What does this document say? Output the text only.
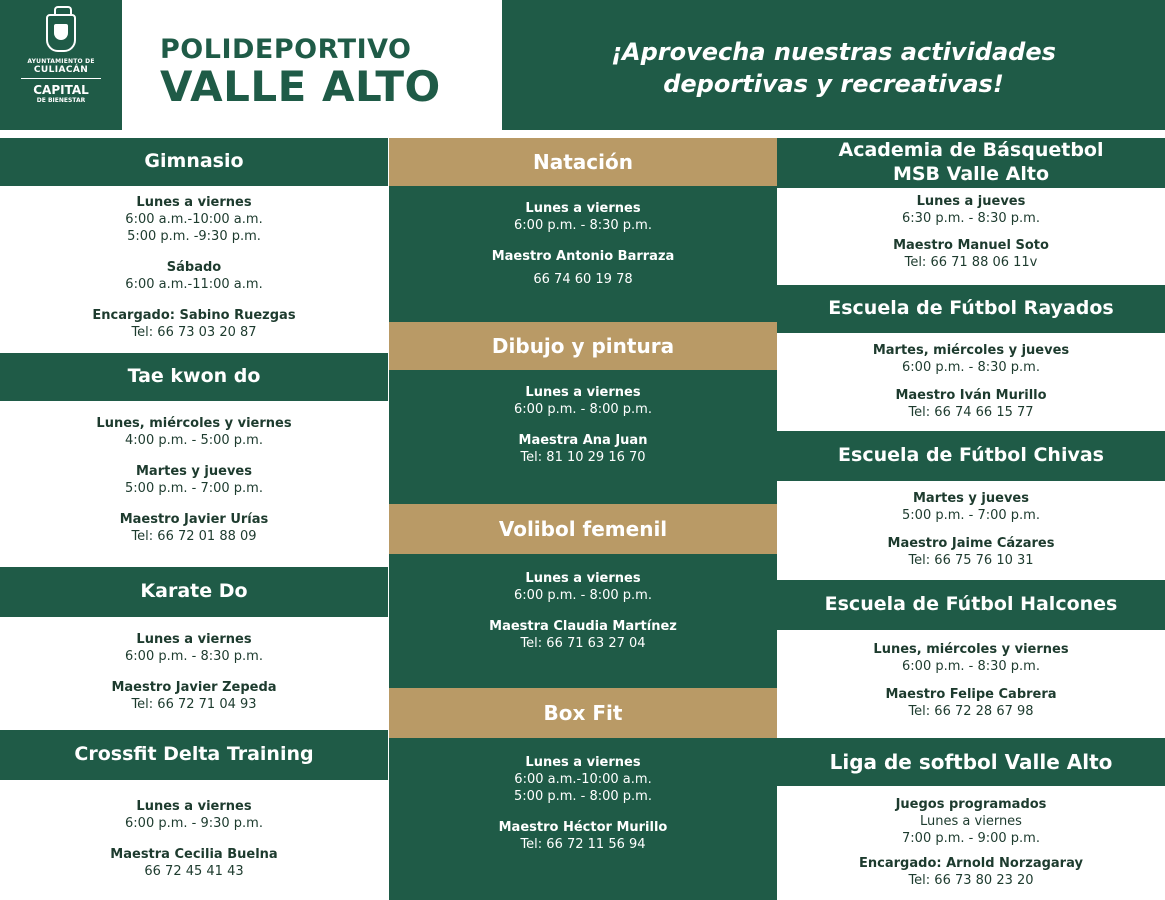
AYUNTAMIENTO DE
CULIACÁN
CAPITAL
DE BIENESTAR
POLIDEPORTIVO
VALLE ALTO
¡Aprovecha nuestras actividades
deportivas y recreativas!
Gimnasio
Lunes a viernes
6:00 a.m.-10:00 a.m.
5:00 p.m. -9:30 p.m.
Sábado
6:00 a.m.-11:00 a.m.
Encargado: Sabino Ruezgas
Tel: 66 73 03 20 87
Tae kwon do
Lunes, miércoles y viernes
4:00 p.m. - 5:00 p.m.
Martes y jueves
5:00 p.m. - 7:00 p.m.
Maestro Javier Urías
Tel: 66 72 01 88 09
Karate Do
Lunes a viernes
6:00 p.m. - 8:30 p.m.
Maestro Javier Zepeda
Tel: 66 72 71 04 93
Crossfit Delta Training
Lunes a viernes
6:00 p.m. - 9:30 p.m.
Maestra Cecilia Buelna
66 72 45 41 43
Natación
Lunes a viernes
6:00 p.m. - 8:30 p.m.
Maestro Antonio Barraza
66 74 60 19 78
Dibujo y pintura
Lunes a viernes
6:00 p.m. - 8:00 p.m.
Maestra Ana Juan
Tel: 81 10 29 16 70
Volibol femenil
Lunes a viernes
6:00 p.m. - 8:00 p.m.
Maestra Claudia Martínez
Tel: 66 71 63 27 04
Box Fit
Lunes a viernes
6:00 a.m.-10:00 a.m.
5:00 p.m. - 8:00 p.m.
Maestro Héctor Murillo
Tel: 66 72 11 56 94
Academia de Básquetbol
MSB Valle Alto
Lunes a jueves
6:30 p.m. - 8:30 p.m.
Maestro Manuel Soto
Tel: 66 71 88 06 11v
Escuela de Fútbol Rayados
Martes, miércoles y jueves
6:00 p.m. - 8:30 p.m.
Maestro Iván Murillo
Tel: 66 74 66 15 77
Escuela de Fútbol Chivas
Martes y jueves
5:00 p.m. - 7:00 p.m.
Maestro Jaime Cázares
Tel: 66 75 76 10 31
Escuela de Fútbol Halcones
Lunes, miércoles y viernes
6:00 p.m. - 8:30 p.m.
Maestro Felipe Cabrera
Tel: 66 72 28 67 98
Liga de softbol Valle Alto
Juegos programados
Lunes a viernes
7:00 p.m. - 9:00 p.m.
Encargado: Arnold Norzagaray
Tel: 66 73 80 23 20
